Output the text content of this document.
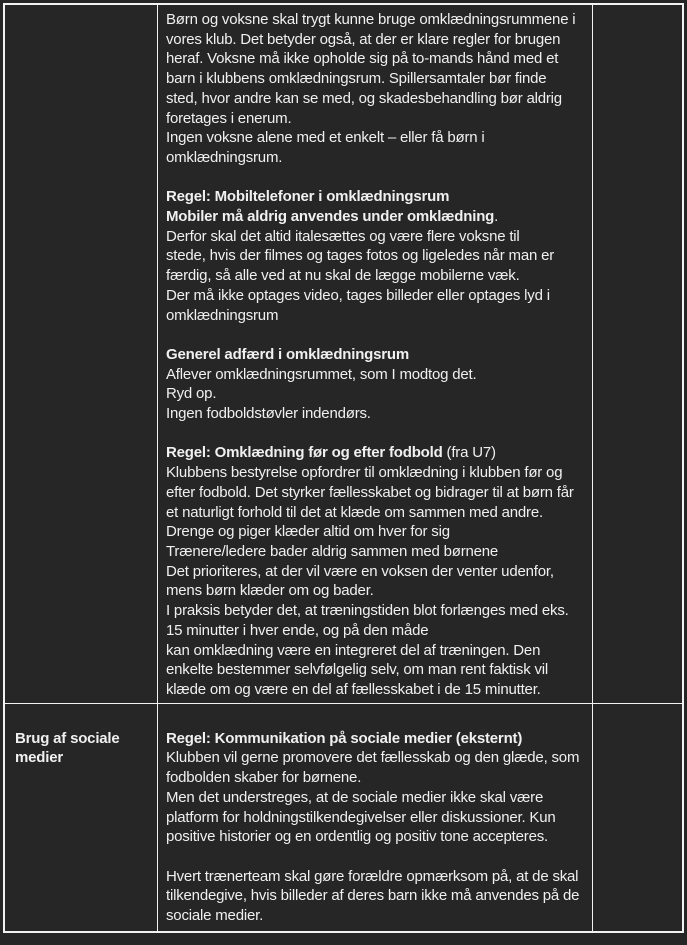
Børn og voksne skal trygt kunne bruge omklædningsrummene i
vores klub. Det betyder også, at der er klare regler for brugen
heraf. Voksne må ikke opholde sig på to-mands hånd med et
barn i klubbens omklædningsrum. Spillersamtaler bør finde
sted, hvor andre kan se med, og skadesbehandling bør aldrig
foretages i enerum.
Ingen voksne alene med et enkelt – eller få børn i
omklædningsrum.

Regel: Mobiltelefoner i omklædningsrum
Mobiler må aldrig anvendes under omklædning.
Derfor skal det altid italesættes og være flere voksne til
stede, hvis der filmes og tages fotos og ligeledes når man er
færdig, så alle ved at nu skal de lægge mobilerne væk.
Der må ikke optages video, tages billeder eller optages lyd i
omklædningsrum

Generel adfærd i omklædningsrum
Aflever omklædningsrummet, som I modtog det.
Ryd op.
Ingen fodboldstøvler indendørs.

Regel: Omklædning før og efter fodbold (fra U7)
Klubbens bestyrelse opfordrer til omklædning i klubben før og
efter fodbold. Det styrker fællesskabet og bidrager til at børn får
et naturligt forhold til det at klæde om sammen med andre.
Drenge og piger klæder altid om hver for sig
Trænere/ledere bader aldrig sammen med børnene
Det prioriteres, at der vil være en voksen der venter udenfor,
mens børn klæder om og bader.
I praksis betyder det, at træningstiden blot forlænges med eks.
15 minutter i hver ende, og på den måde
kan omklædning være en integreret del af træningen. Den
enkelte bestemmer selvfølgelig selv, om man rent faktisk vil
klæde om og være en del af fællesskabet i de 15 minutter.

Brug af sociale
medier

Regel: Kommunikation på sociale medier (eksternt)
Klubben vil gerne promovere det fællesskab og den glæde, som
fodbolden skaber for børnene.
Men det understreges, at de sociale medier ikke skal være
platform for holdningstilkendegivelser eller diskussioner. Kun
positive historier og en ordentlig og positiv tone accepteres.

Hvert trænerteam skal gøre forældre opmærksom på, at de skal
tilkendegive, hvis billeder af deres barn ikke må anvendes på de
sociale medier.
